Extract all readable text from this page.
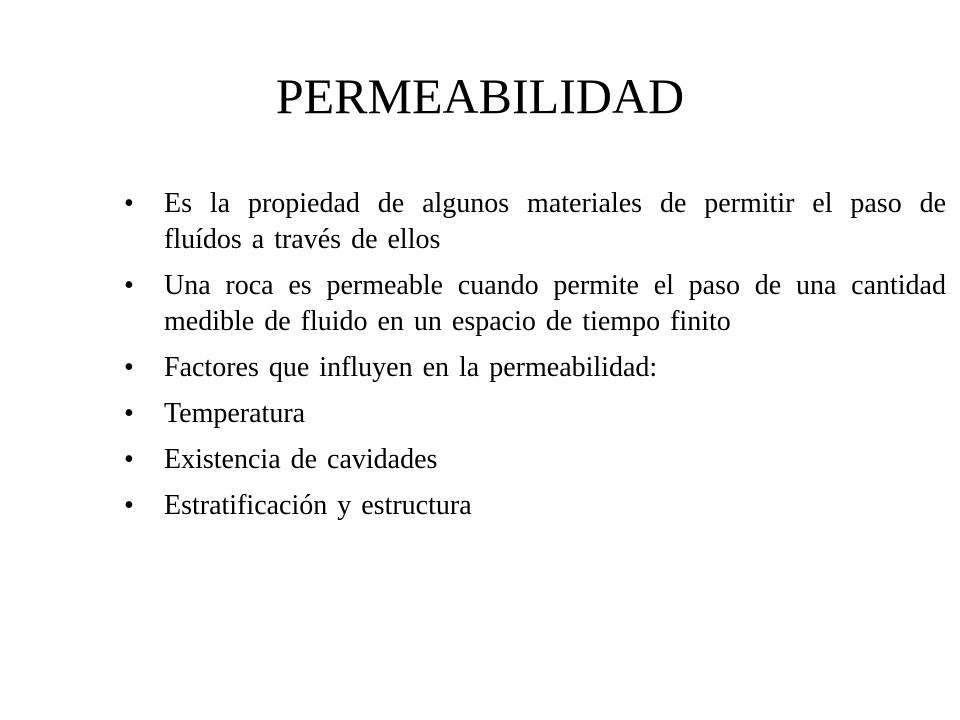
PERMEABILIDAD
• Es la propiedad de algunos materiales de permitir el paso de fluídos a través de ellos
• Una roca es permeable cuando permite el paso de una cantidad medible de fluido en un espacio de tiempo finito
• Factores que influyen en la permeabilidad:
• Temperatura
• Existencia de cavidades
• Estratificación y estructura
